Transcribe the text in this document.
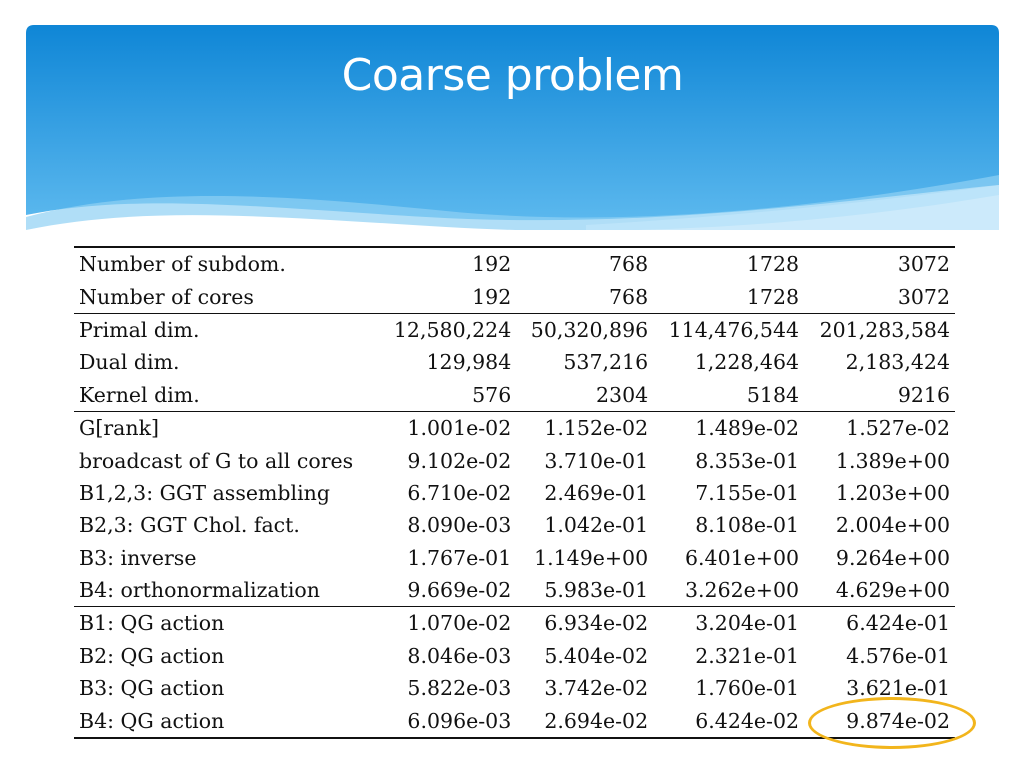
Coarse problem
Number of subdom.	192	768	1728	3072
Number of cores	192	768	1728	3072
Primal dim.	12,580,224	50,320,896	114,476,544	201,283,584
Dual dim.	129,984	537,216	1,228,464	2,183,424
Kernel dim.	576	2304	5184	9216
G[rank]	1.001e-02	1.152e-02	1.489e-02	1.527e-02
broadcast of G to all cores	9.102e-02	3.710e-01	8.353e-01	1.389e+00
B1,2,3: GGT assembling	6.710e-02	2.469e-01	7.155e-01	1.203e+00
B2,3: GGT Chol. fact.	8.090e-03	1.042e-01	8.108e-01	2.004e+00
B3: inverse	1.767e-01	1.149e+00	6.401e+00	9.264e+00
B4: orthonormalization	9.669e-02	5.983e-01	3.262e+00	4.629e+00
B1: QG action	1.070e-02	6.934e-02	3.204e-01	6.424e-01
B2: QG action	8.046e-03	5.404e-02	2.321e-01	4.576e-01
B3: QG action	5.822e-03	3.742e-02	1.760e-01	3.621e-01
B4: QG action	6.096e-03	2.694e-02	6.424e-02	9.874e-02
